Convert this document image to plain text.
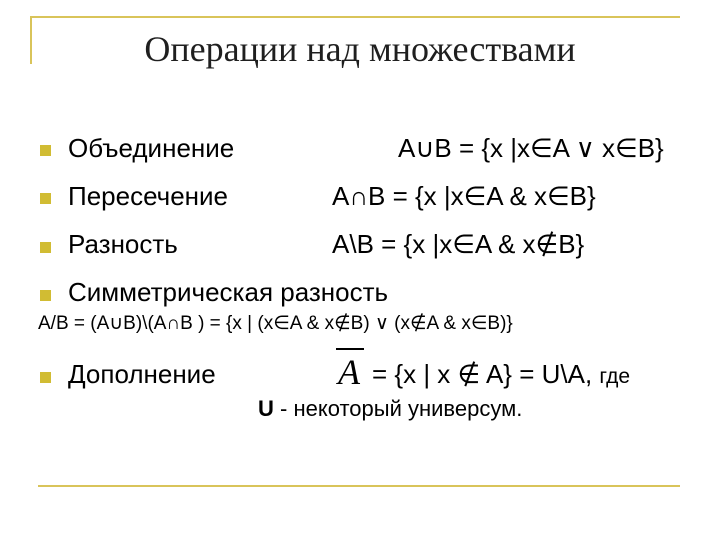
Операции над множествами
Объединение	A∪B = {x |x∈A ∨ x∈B}
Пересечение	A∩B = {x |x∈A & x∈B}
Разность	A\B = {x |x∈A & x∉B}
Симметрическая разность
A/B = (A∪B)\(A∩B ) = {x | (x∈A & x∉B) ∨ (x∉A & x∈B)}
Дополнение	A = {x | x ∉ A} = U\A, где
U - некоторый универсум.
